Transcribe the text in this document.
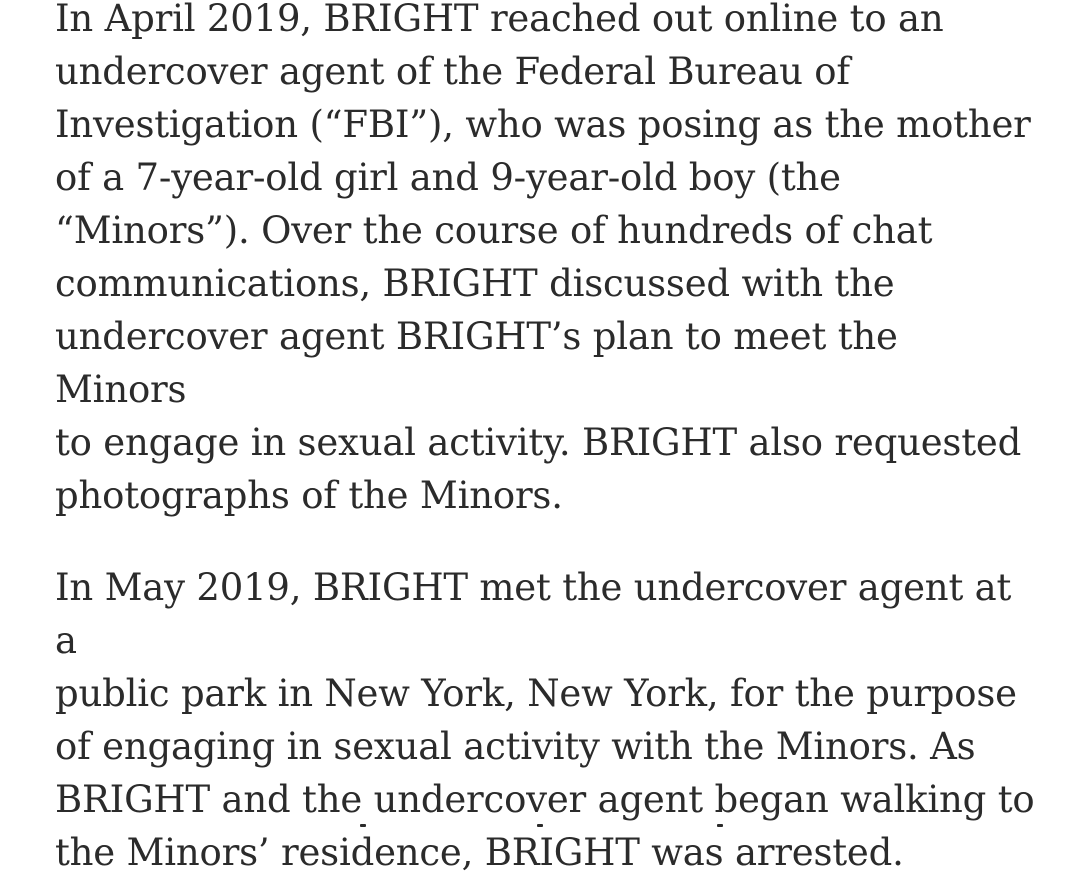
In April 2019, BRIGHT reached out online to an
undercover agent of the Federal Bureau of
Investigation (“FBI”), who was posing as the mother
of a 7-year-old girl and 9-year-old boy (the
“Minors”). Over the course of hundreds of chat
communications, BRIGHT discussed with the
undercover agent BRIGHT’s plan to meet the Minors
to engage in sexual activity. BRIGHT also requested
photographs of the Minors.

In May 2019, BRIGHT met the undercover agent at a
public park in New York, New York, for the purpose
of engaging in sexual activity with the Minors. As
BRIGHT and the undercover agent began walking to
the Minors’ residence, BRIGHT was arrested.
